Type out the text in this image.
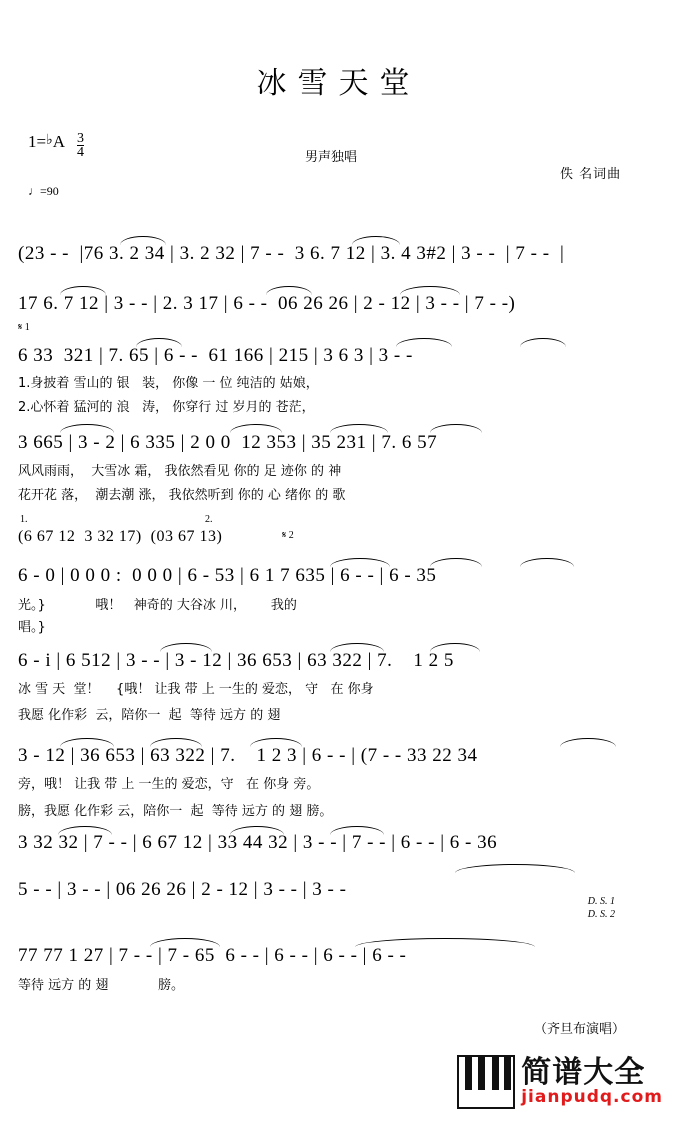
冰雪天堂
1= ♭ A $\frac{3}{4}$	男声独唱
佚 名词曲
♩=90
(⁠2⁠3 - -  |⁠76⁠⁠ 3. 2 34 | 3. 2 32 | 7 - -  3 6. 7 12 | 3. 4 3#2 | 3 - -  | 7 - -  |
17 6. 7 12 | 3 - - | 2. 3 17 | 6 - -  06 26 26 | 2 - 12 | 3 - - | 7 - -)
𝄋 1
6 33  321 | 7. 65 | 6 - -  61 166 | 215 | 3 6 3 | 3 - -
1.身披着 雪山的 银   装， 你像 一 位 纯洁的 姑娘，
2.心怀着 猛河的 浪   涛， 你穿行 过 岁月的 苍茫，
3 665 | 3 - 2 | 6 335 | 2 0 0  12 353 | 35 231 | 7. 6 57
风风雨雨，  大雪冰 霜， 我依然看见 你的 足 迹你 的 神
花开花 落，  潮去潮 涨， 我依然听到 你的 心 绪你 的 歌
1.	2.
(6 67 12  3 32 17)  (03 67 13)	𝄋 2
6 - 0 | 0 0 0 :  0 0 0 | 6 - 53 | 6 1 7 635 | 6 - - | 6 - 35
光。}            哦！   神奇的 大谷冰 川，      我的
唱。}
6 - i | 6 512 | 3 - - | 3 - 12 | 36 653 | 63 322 | 7.    1 2 5
冰 雪 天  堂！    {哦！ 让我 带 上 一生的 爱恋， 守   在 你身
我愿 化作彩  云，陪你一  起  等待 远方 的 翅
3 - 12 | 36 653 | 63 322 | 7.    1 2 3 | 6 - - | (7 - - 33 22 34
旁，哦！ 让我 带 上 一生的 爱恋，守   在 你身 旁。
膀，我愿 化作彩 云，陪你一  起  等待 远方 的 翅 膀。
3 32 32 | 7 - - | 6 67 12 | 33 44 32 | 3 - - | 7 - - | 6 - - | 6 - 36
5 - - | 3 - - | 06 26 26 | 2 - 12 | 3 - - | 3 - -
D. S. 1
D. S. 2
77 77 1 27 | 7 - - | 7 - 65  6 - - | 6 - - | 6 - - | 6 - -
等待 远方 的 翅            膀。
（齐旦布演唱）
简谱大全
jianpudq.com
